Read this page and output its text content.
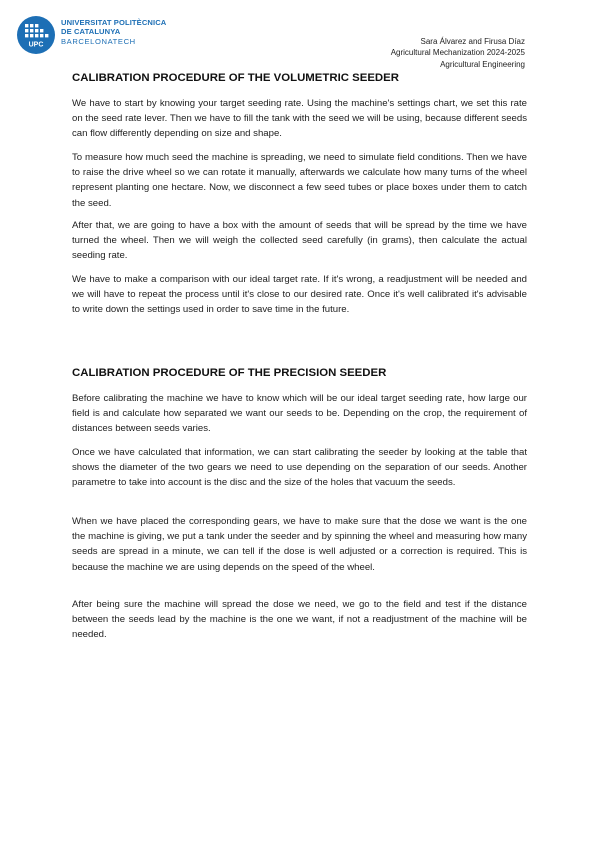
UPC
UNIVERSITAT POLITÈCNICA
DE CATALUNYA
BARCELONATECH	Sara Álvarez and Firusa Díaz
Agricultural Mechanization 2024-2025
Agricultural Engineering
CALIBRATION PROCEDURE OF THE VOLUMETRIC SEEDER

We have to start by knowing your target seeding rate. Using the machine's settings chart, we set this rate on the seed rate lever. Then we have to fill the tank with the seed we will be using, because different seeds can flow differently depending on size and shape.

To measure how much seed the machine is spreading, we need to simulate field conditions. Then we have to raise the drive wheel so we can rotate it manually, afterwards we calculate how many turns of the wheel represent planting one hectare. Now, we disconnect a few seed tubes or place boxes under them to catch the seed.

After that, we are going to have a box with the amount of seeds that will be spread by the time we have turned the wheel. Then we will weigh the collected seed carefully (in grams), then calculate the actual seeding rate.

We have to make a comparison with our ideal target rate. If it's wrong, a readjustment will be needed and we will have to repeat the process until it's close to our desired rate. Once it's well calibrated it's advisable to write down the settings used in order to save time in the future.

CALIBRATION PROCEDURE OF THE PRECISION SEEDER

Before calibrating the machine we have to know which will be our ideal target seeding rate, how large our field is and calculate how separated we want our seeds to be. Depending on the crop, the requirement of distances between seeds varies.

Once we have calculated that information, we can start calibrating the seeder by looking at the table that shows the diameter of the two gears we need to use depending on the separation of our seeds. Another parametre to take into account is the disc and the size of the holes that vacuum the seeds.

When we have placed the corresponding gears, we have to make sure that the dose we want is the one the machine is giving, we put a tank under the seeder and by spinning the wheel and measuring how many seeds are spread in a minute, we can tell if the dose is well adjusted or a correction is required. This is because the machine we are using depends on the speed of the wheel.

After being sure the machine will spread the dose we need, we go to the field and test if the distance between the seeds lead by the machine is the one we want, if not a readjustment of the machine will be needed.
